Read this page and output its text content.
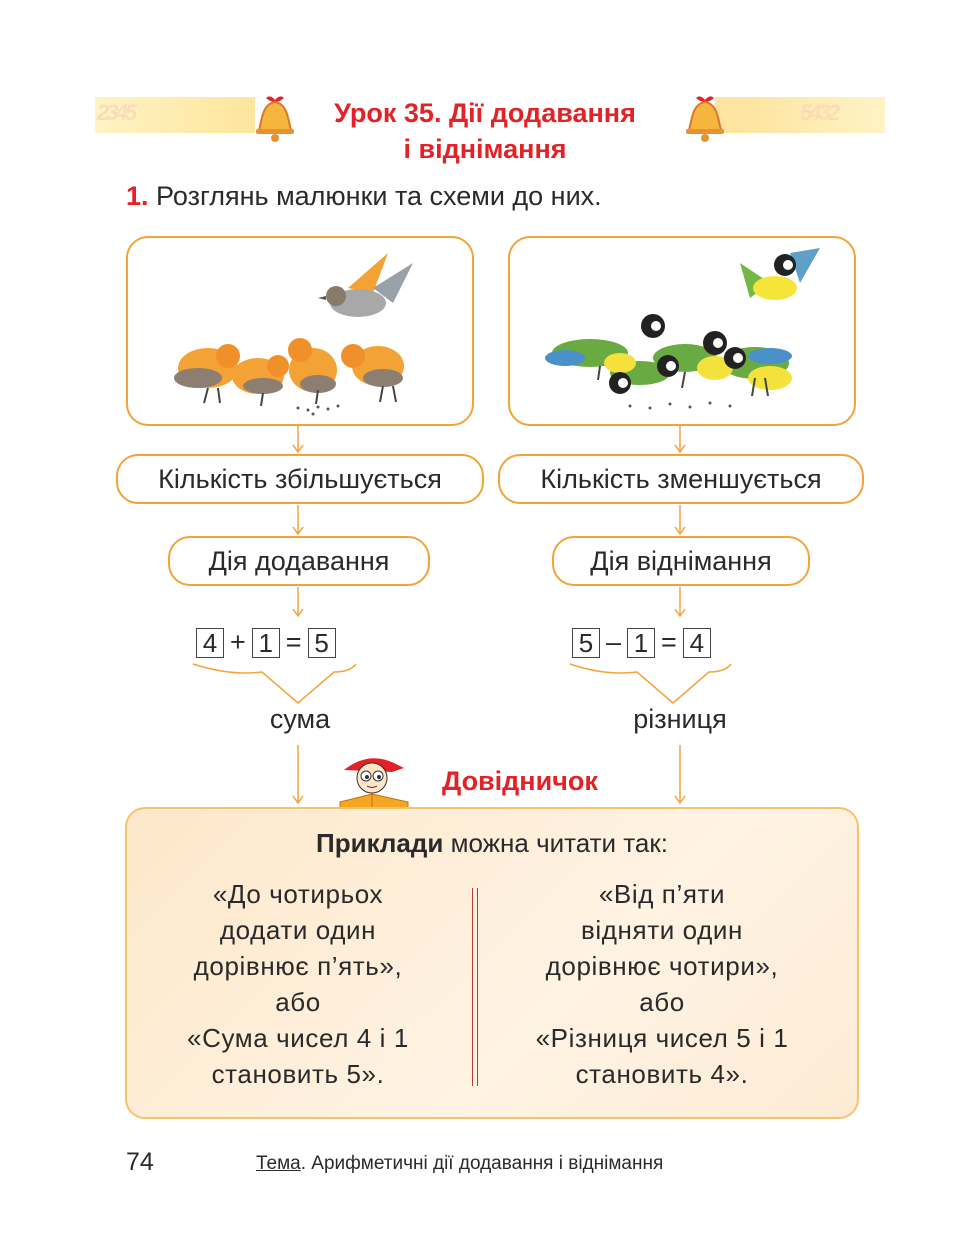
2345	5432
Урок 35. Дії додавання
і віднімання
1. Розглянь малюнки та схеми до них.
Кількість збільшується	Кількість зменшується
Дія додавання	Дія віднімання
4 + 1 = 5	5 – 1 = 4
сума	різниця
Довідничок
Приклади можна читати так:
«До чотирьох
додати один
дорівнює п’ять»,
або
«Сума чисел 4 і 1
становить 5».
«Від п’яти
відняти один
дорівнює чотири»,
або
«Різниця чисел 5 і 1
становить 4».
74	Тема. Арифметичні дії додавання і віднімання
